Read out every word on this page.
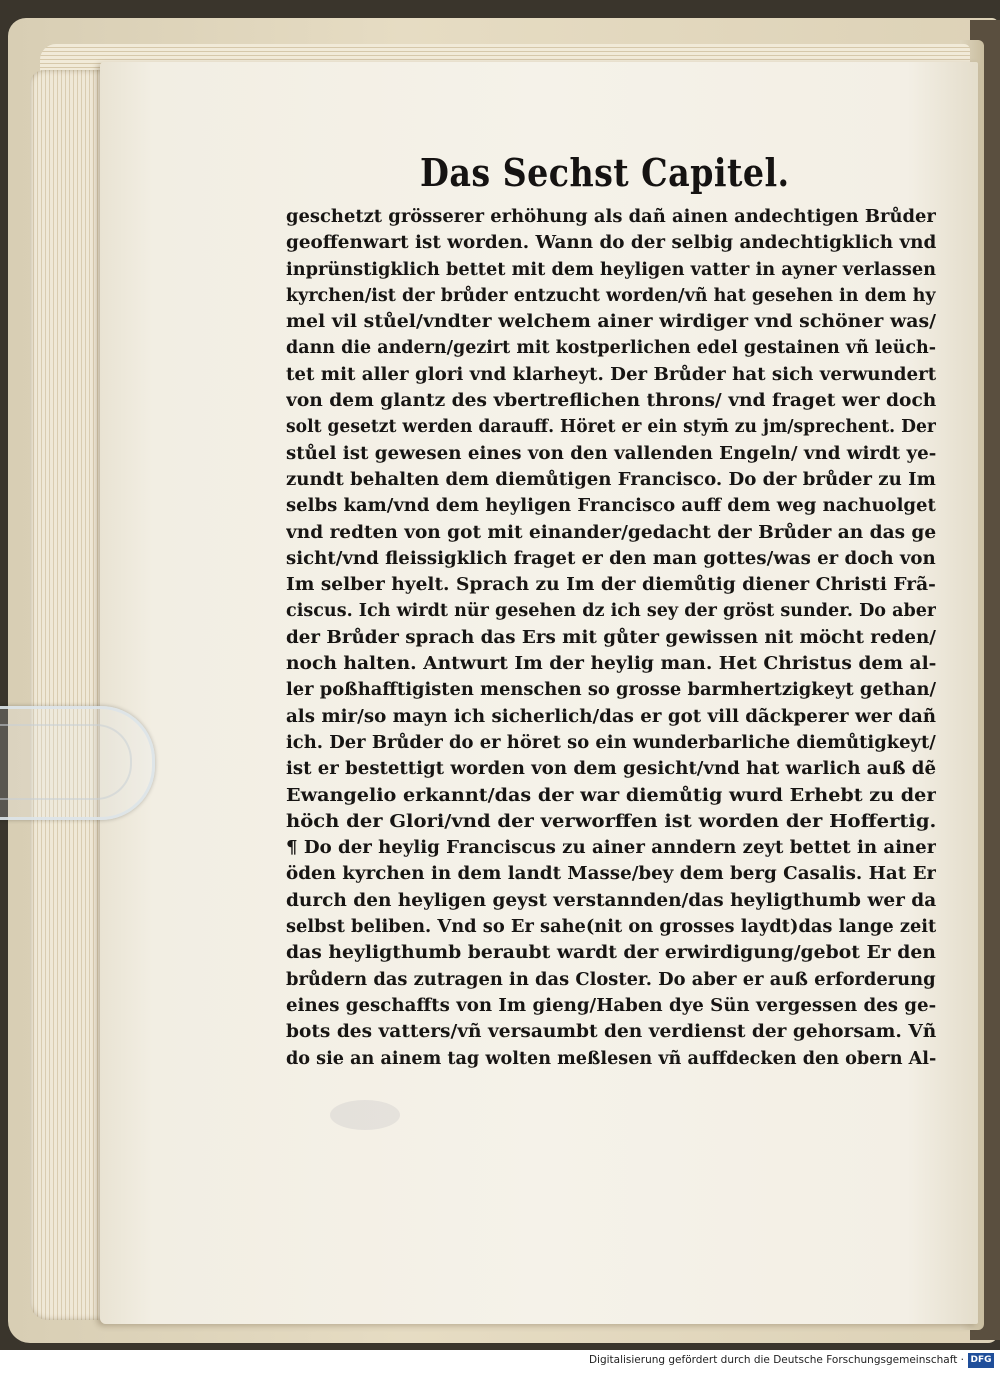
Das Sechst Capitel.
geschetzt grösserer erhöhung als dañ ainen andechtigen Brůder
geoffenwart ist worden. Wann do der selbig andechtigklich vnd
inprünstigklich bettet mit dem heyligen vatter in ayner verlassen
kyrchen/ist der brůder entzucht worden/vñ hat gesehen in dem hy
mel vil stůel/vndter welchem ainer wirdiger vnd schöner was/
dann die andern/gezirt mit kostperlichen edel gestainen vñ leüch-
tet mit aller glori vnd klarheyt. Der Brůder hat sich verwundert
von dem glantz des vbertreflichen throns/ vnd fraget wer doch
solt gesetzt werden darauff. Höret er ein stym̄ zu jm/sprechent. Der
stůel ist gewesen eines von den vallenden Engeln/ vnd wirdt ye-
zundt behalten dem diemůtigen Francisco. Do der brůder zu Im
selbs kam/vnd dem heyligen Francisco auff dem weg nachuolget
vnd redten von got mit einander/gedacht der Brůder an das ge
sicht/vnd fleissigklich fraget er den man gottes/was er doch von
Im selber hyelt. Sprach zu Im der diemůtig diener Christi Frã-
ciscus. Ich wirdt nür gesehen dz ich sey der gröst sunder. Do aber
der Brůder sprach das Ers mit gůter gewissen nit möcht reden/
noch halten. Antwurt Im der heylig man. Het Christus dem al-
ler poßhafftigisten menschen so grosse barmhertzigkeyt gethan/
als mir/so mayn ich sicherlich/das er got vill dãckperer wer dañ
ich. Der Brůder do er höret so ein wunderbarliche diemůtigkeyt/
ist er bestettigt worden von dem gesicht/vnd hat warlich auß dẽ
Ewangelio erkannt/das der war diemůtig wurd Erhebt zu der
höch der Glori/vnd der verworffen ist worden der Hoffertig.
¶ Do der heylig Franciscus zu ainer anndern zeyt bettet in ainer
öden kyrchen in dem landt Masse/bey dem berg Casalis. Hat Er
durch den heyligen geyst verstannden/das heyligthumb wer da
selbst beliben. Vnd so Er sahe(nit on grosses laydt)das lange zeit
das heyligthumb beraubt wardt der erwirdigung/gebot Er den
brůdern das zutragen in das Closter. Do aber er auß erforderung
eines geschaffts von Im gieng/Haben dye Sün vergessen des ge-
bots des vatters/vñ versaumbt den verdienst der gehorsam. Vñ
do sie an ainem tag wolten meßlesen vñ auffdecken den obern Al-
Digitalisierung gefördert durch die Deutsche Forschungsgemeinschaft · DFG
